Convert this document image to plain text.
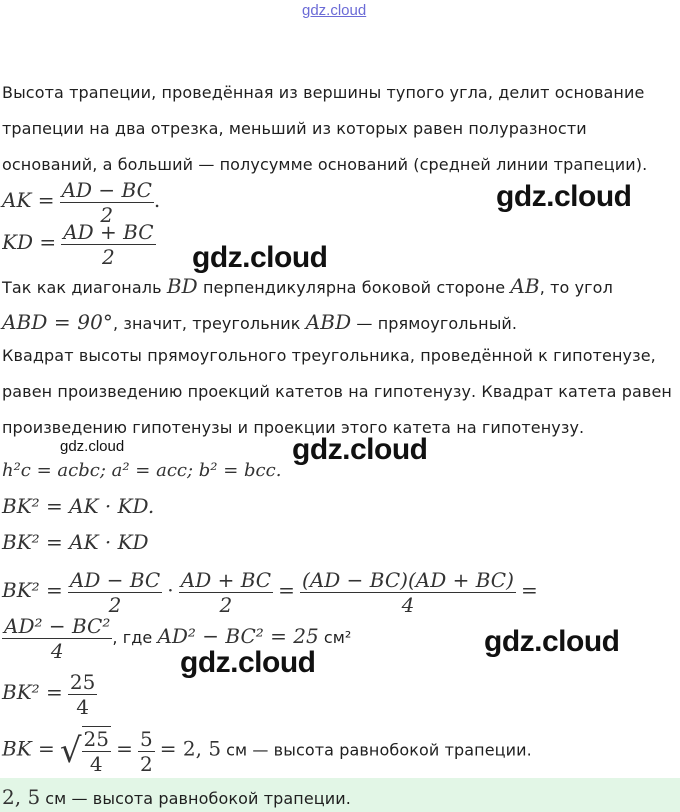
gdz.cloud
Высота трапеции, проведённая из вершины тупого угла, делит основание
трапеции на два отрезка, меньший из которых равен полуразности
оснований, а больший — полусумме оснований (средней линии трапеции).
AK = $\frac{AD - BC}{2}$ .
KD = $\frac{AD + BC}{2}$
Так как диагональ BD перпендикулярна боковой стороне AB, то угол
ABD = 90°, значит, треугольник ABD — прямоугольный.
Квадрат высоты прямоугольного треугольника, проведённой к гипотенузе,
равен произведению проекций катетов на гипотенузу. Квадрат катета равен
произведению гипотенузы и проекции этого катета на гипотенузу.
h²c = acbc; a² = acc; b² = bcc.
BK² = AK · KD.
BK² = AK · KD
$BK^2 = \frac{AD - BC}{2} \cdot \frac{AD + BC}{2} = \frac{(AD - BC)(AD + BC)}{4}$ =
$\frac{\text{AD² − BC²}}{4}$ , где AD² − BC² = 25 см²
$BK^2 = \frac{25}{4}$
BK = √ $\frac{25}{4} = \frac{5}{2} = 2$, 5 см — высота равнобокой трапеции.
2, 5 см — высота равнобокой трапеции.
gdz.cloud
gdz.cloud
gdz.cloud
gdz.cloud
gdz.cloud
gdz.cloud
